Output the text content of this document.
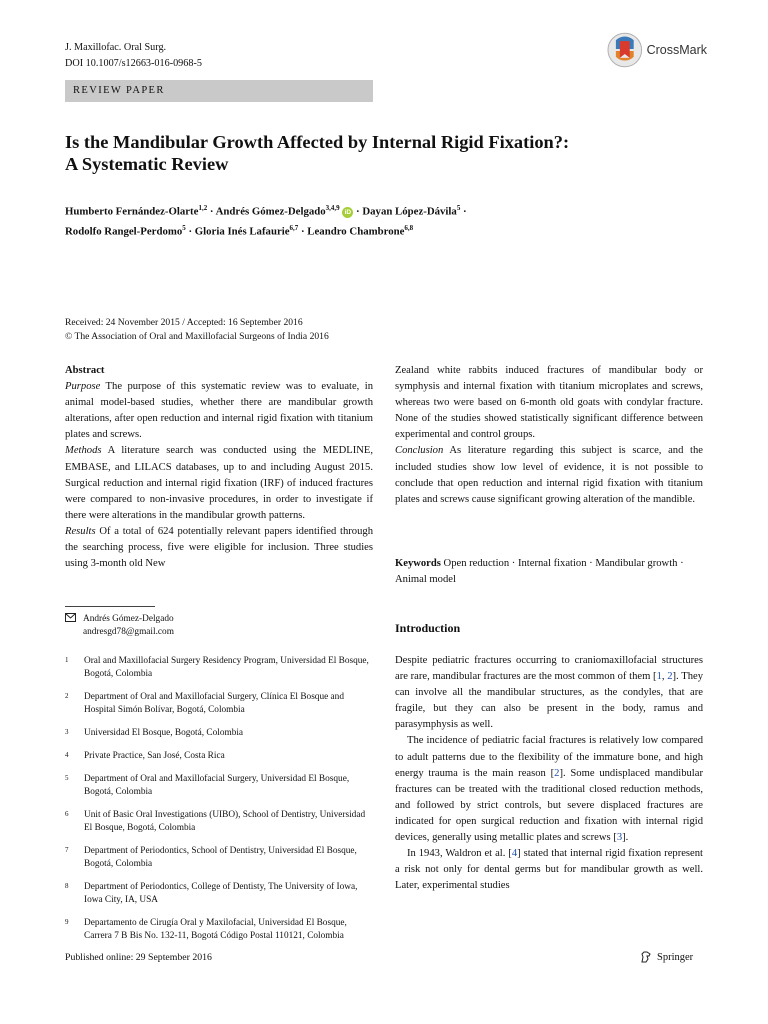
J. Maxillofac. Oral Surg.
DOI 10.1007/s12663-016-0968-5
CrossMark
REVIEW PAPER
Is the Mandibular Growth Affected by Internal Rigid Fixation?:
A Systematic Review
Humberto Fernández-Olarte$^{1,2}$ · Andrés Gómez-Delgado$^{3,4,9}$ iD · Dayan López-Dávila$^5$ ·
Rodolfo Rangel-Perdomo$^5$ · Gloria Inés Lafaurie$^{6,7}$ · Leandro Chambrone$^{6,8}$
Received: 24 November 2015 / Accepted: 16 September 2016
© The Association of Oral and Maxillofacial Surgeons of India 2016

Abstract

Purpose The purpose of this systematic review was to evaluate, in animal model-based studies, whether there are mandibular growth alterations, after open reduction and internal rigid fixation with titanium plates and screws.

Methods A literature search was conducted using the MEDLINE, EMBASE, and LILACS databases, up to and including August 2015. Surgical reduction and internal rigid fixation (IRF) of induced fractures were compared to non-invasive procedures, in order to investigate if there were alterations in the mandibular growth patterns.

Results Of a total of 624 potentially relevant papers identified through the searching process, five were eligible for inclusion. Three studies using 3-month old New

Zealand white rabbits induced fractures of mandibular body or symphysis and internal fixation with titanium microplates and screws, whereas two were based on 6-month old goats with condylar fracture. None of the studies showed statistically significant difference between experimental and control groups.

Conclusion As literature regarding this subject is scarce, and the included studies show low level of evidence, it is not possible to conclude that open reduction and internal rigid fixation with titanium plates and screws cause significant growing alteration of the mandible.

Keywords Open reduction · Internal fixation · Mandibular growth · Animal model
Andrés Gómez-Delgado
andresgd78@gmail.com
1	Oral and Maxillofacial Surgery Residency Program, Universidad El Bosque, Bogotá, Colombia
2	Department of Oral and Maxillofacial Surgery, Clínica El Bosque and Hospital Simón Bolívar, Bogotá, Colombia
3	Universidad El Bosque, Bogotá, Colombia
4	Private Practice, San José, Costa Rica
5	Department of Oral and Maxillofacial Surgery, Universidad El Bosque, Bogotá, Colombia
6	Unit of Basic Oral Investigations (UIBO), School of Dentistry, Universidad El Bosque, Bogotá, Colombia
7	Department of Periodontics, School of Dentistry, Universidad El Bosque, Bogotá, Colombia
8	Department of Periodontics, College of Dentisty, The University of Iowa, Iowa City, IA, USA
9	Departamento de Cirugía Oral y Maxilofacial, Universidad El Bosque, Carrera 7 B Bis No. 132-11, Bogotá Código Postal 110121, Colombia
Introduction

Despite pediatric fractures occurring to craniomaxillofacial structures are rare, mandibular fractures are the most common of them [1, 2]. They can involve all the mandibular structures, as the condyles, that are fragile, but they can also be present in the body, ramus and parasymphysis as well.

The incidence of pediatric facial fractures is relatively low compared to adult patterns due to the flexibility of the immature bone, and high energy trauma is the main reason [2]. Some undisplaced mandibular fractures can be treated with the traditional closed reduction methods, and followed by strict controls, but severe displaced fractures are indicated for open surgical reduction and fixation with internal rigid devices, generally using metallic plates and screws [3].

In 1943, Waldron et al. [4] stated that internal rigid fixation represent a risk not only for dental germs but for mandibular growth as well. Later, experimental studies

Published online: 29 September 2016	Springer
